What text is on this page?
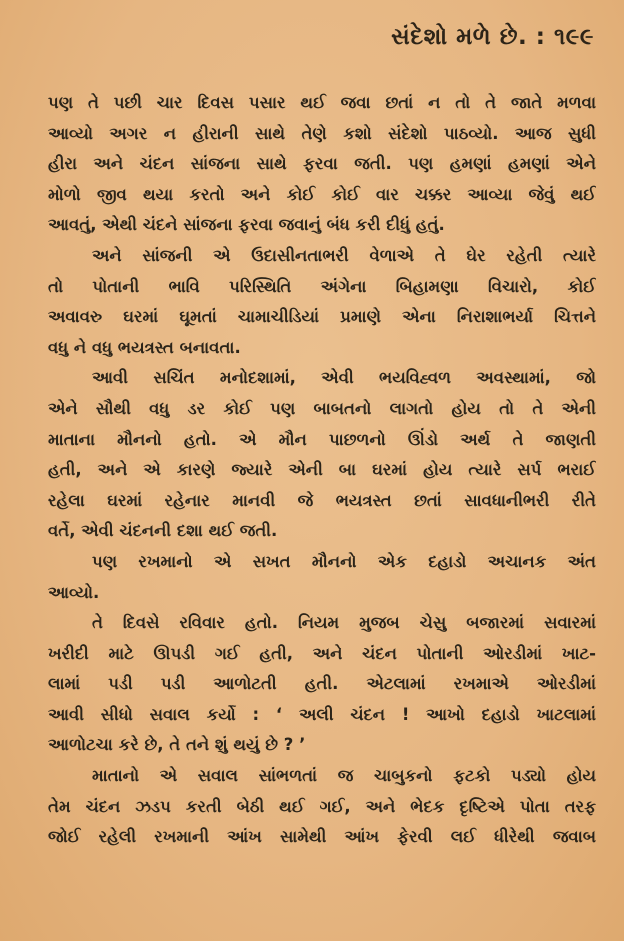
સંદેશો મળે છે. : ૧૯૯
પણ તે પછી ચાર દિવસ પસાર થઈ જવા છતાં ન તો તે જાતે મળવા
આવ્યો અગર ન હીરાની સાથે તેણે કશો સંદેશો પાઠવ્યો. આજ સુધી
હીરા અને ચંદન સાંજના સાથે ફરવા જતી. પણ હમણાં હમણાં એને
મોળો જીવ થયા કરતો અને કોઈ કોઈ વાર ચક્કર આવ્યા જેવું થઈ
આવતું, એથી ચંદને સાંજના ફરવા જવાનું બંધ કરી દીધું હતું.
અને સાંજની એ ઉદાસીનતાભરી વેળાએ તે ઘેર રહેતી ત્યારે
તો પોતાની ભાવિ પરિસ્થિતિ અંગેના બિહામણા વિચારો, કોઈ
અવાવરુ ઘરમાં ઘૂમતાં ચામાચીડિયાં પ્રમાણે એના નિરાશાભર્યા ચિત્તને
વધુ ને વધુ ભયત્રસ્ત બનાવતા.
આવી સચિંત મનોદશામાં, એવી ભયવિહ્વળ અવસ્થામાં, જો
એને સૌથી વધુ ડર કોઈ પણ બાબતનો લાગતો હોય તો તે એની
માતાના મૌનનો હતો. એ મૌન પાછળનો ઊંડો અર્થ તે જાણતી
હતી, અને એ કારણે જ્યારે એની બા ઘરમાં હોય ત્યારે સર્પ ભરાઈ
રહેલા ઘરમાં રહેનાર માનવી જે ભયત્રસ્ત છતાં સાવધાનીભરી રીતે
વર્તે, એવી ચંદનની દશા થઈ જતી.
પણ રખમાનો એ સખત મૌનનો એક દહાડો અચાનક અંત
આવ્યો.
તે દિવસે રવિવાર હતો. નિયમ મુજબ ચેસુ બજારમાં સવારમાં
ખરીદી માટે ઊપડી ગઈ હતી, અને ચંદન પોતાની ઓરડીમાં ખાટ-
લામાં પડી પડી આળોટતી હતી. એટલામાં રખમાએ ઓરડીમાં
આવી સીધો સવાલ કર્યો : ‘ અલી ચંદન ! આખો દહાડો ખાટલામાં
આળોટચા કરે છે, તે તને શું થયું છે ? ’
માતાનો એ સવાલ સાંભળતાં જ ચાબુકનો ફટકો પડ્યો હોય
તેમ ચંદન ઝડપ કરતી બેઠી થઈ ગઈ, અને ભેદક દૃષ્ટિએ પોતા તરફ
જોઈ રહેલી રખમાની આંખ સામેથી આંખ ફેરવી લઈ ધીરેથી જવાબ
